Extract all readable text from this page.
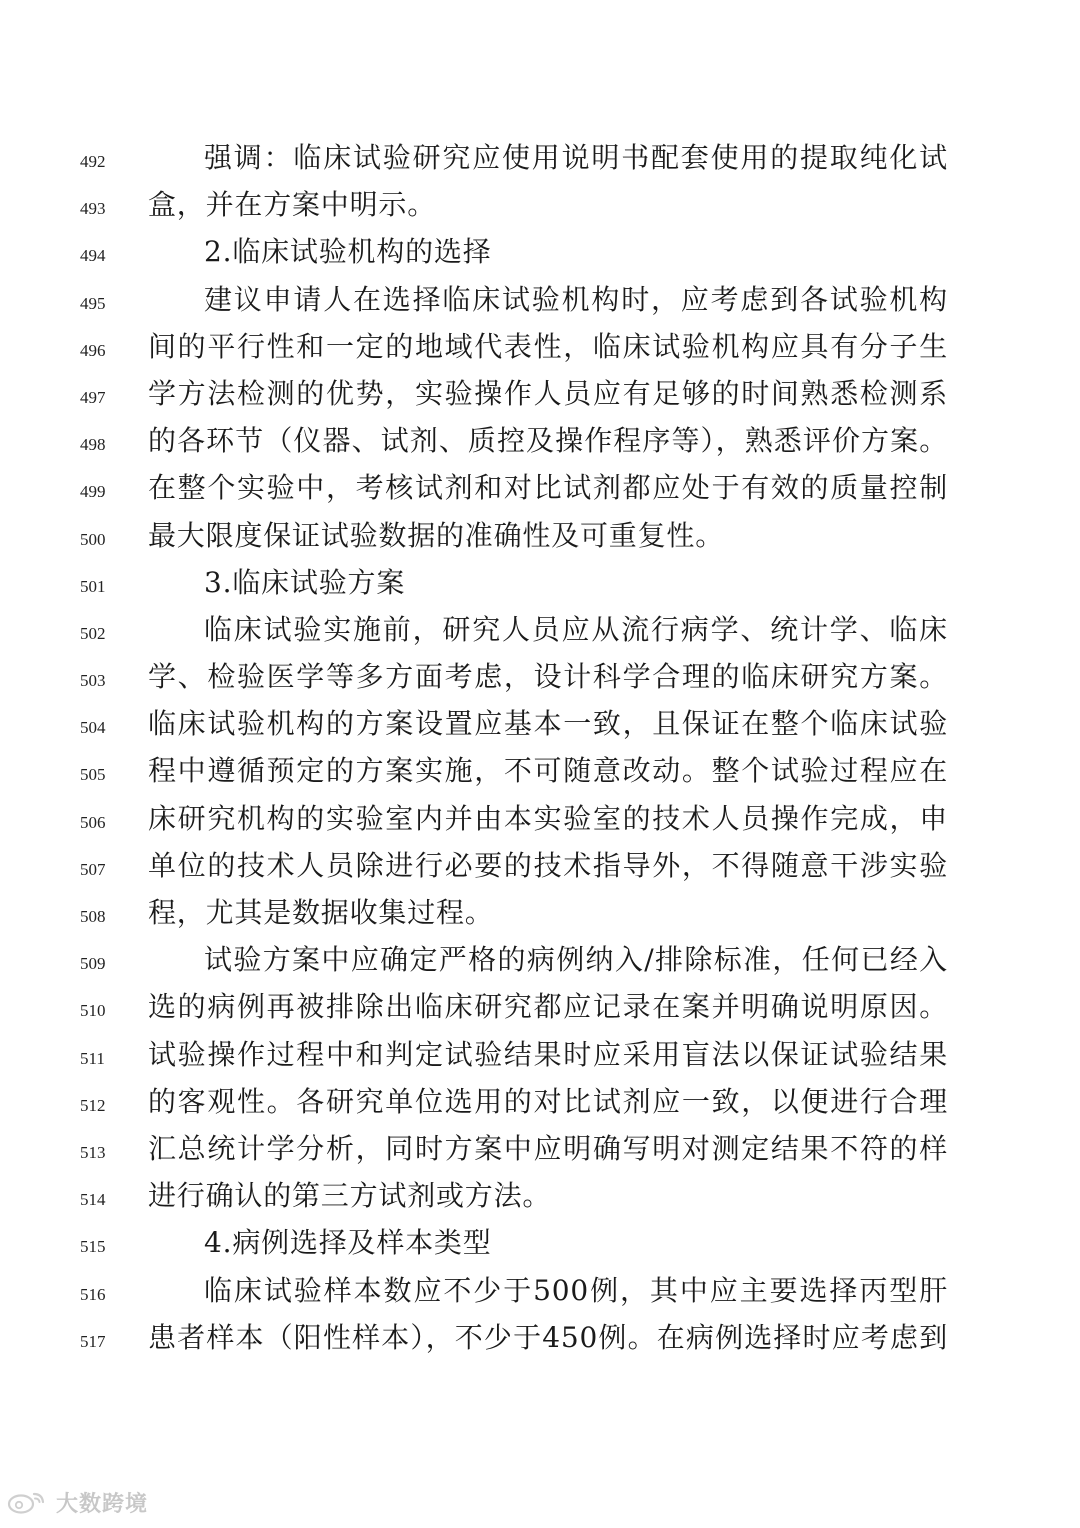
492	强调：临床试验研究应使用说明书配套使用的提取纯化试
493	盒，并在方案中明示。
494	2.临床试验机构的选择
495	建议申请人在选择临床试验机构时，应考虑到各试验机构
496	间的平行性和一定的地域代表性，临床试验机构应具有分子生
497	学方法检测的优势，实验操作人员应有足够的时间熟悉检测系
498	的各环节（仪器、试剂、质控及操作程序等），熟悉评价方案。
499	在整个实验中，考核试剂和对比试剂都应处于有效的质量控制
500	最大限度保证试验数据的准确性及可重复性。
501	3.临床试验方案
502	临床试验实施前，研究人员应从流行病学、统计学、临床
503	学、检验医学等多方面考虑，设计科学合理的临床研究方案。
504	临床试验机构的方案设置应基本一致，且保证在整个临床试验
505	程中遵循预定的方案实施，不可随意改动。整个试验过程应在
506	床研究机构的实验室内并由本实验室的技术人员操作完成，申
507	单位的技术人员除进行必要的技术指导外，不得随意干涉实验
508	程，尤其是数据收集过程。
509	试验方案中应确定严格的病例纳入/排除标准，任何已经入
510	选的病例再被排除出临床研究都应记录在案并明确说明原因。
511	试验操作过程中和判定试验结果时应采用盲法以保证试验结果
512	的客观性。各研究单位选用的对比试剂应一致，以便进行合理
513	汇总统计学分析，同时方案中应明确写明对测定结果不符的样
514	进行确认的第三方试剂或方法。
515	4.病例选择及样本类型
516	临床试验样本数应不少于500例，其中应主要选择丙型肝
517	患者样本（阳性样本），不少于450例。在病例选择时应考虑到
大数跨境
